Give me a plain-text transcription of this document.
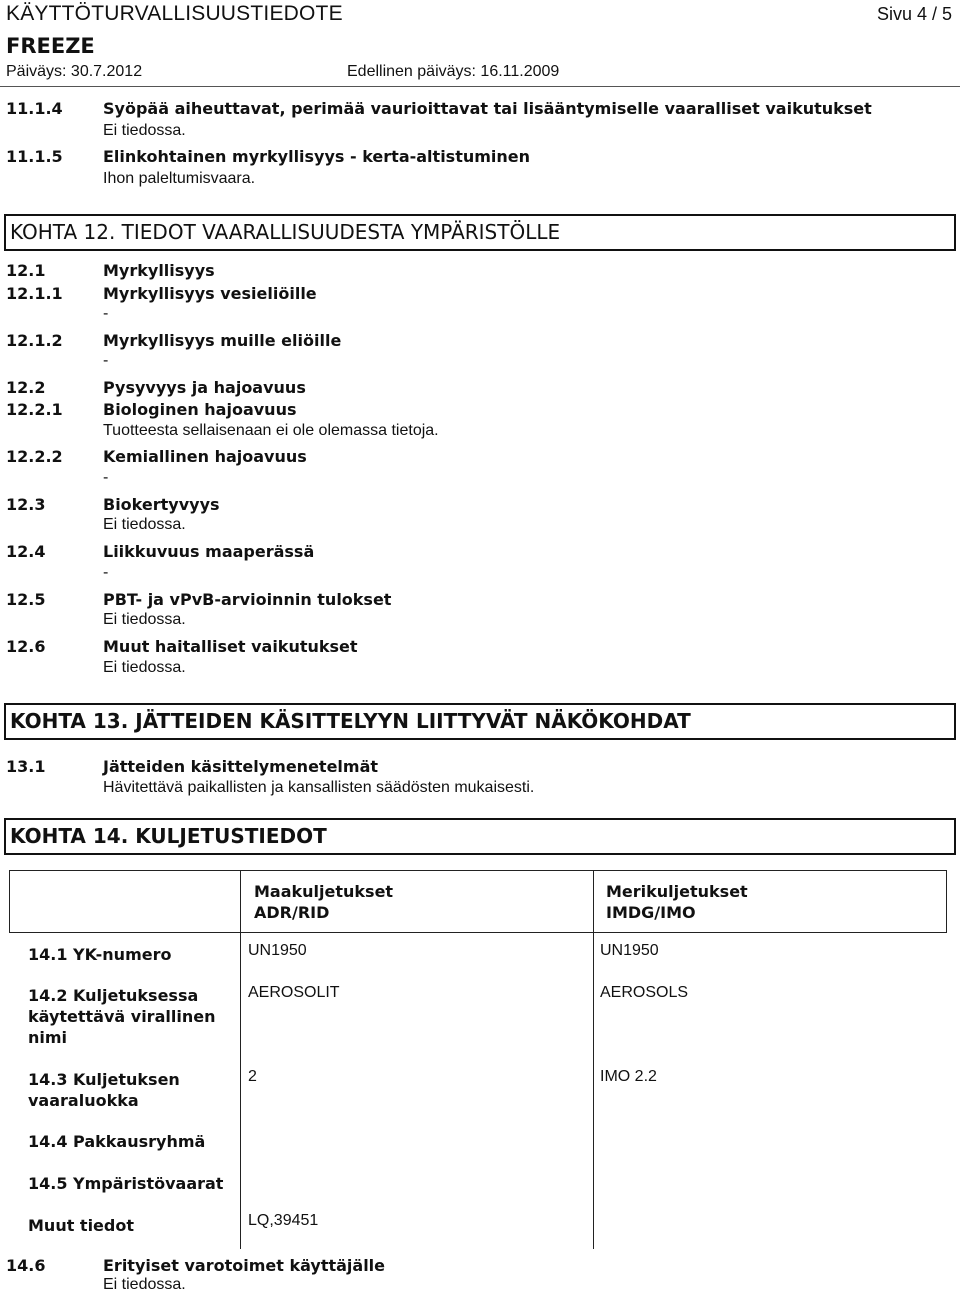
KÄYTTÖTURVALLISUUSTIEDOTE	Sivu 4 / 5
FREEZE
Päiväys: 30.7.2012	Edellinen päiväys: 16.11.2009
11.1.4	Syöpää aiheuttavat, perimää vaurioittavat tai lisääntymiselle vaaralliset vaikutukset
Ei tiedossa.
11.1.5	Elinkohtainen myrkyllisyys - kerta-altistuminen
Ihon paleltumisvaara.
KOHTA 12. TIEDOT VAARALLISUUDESTA YMPÄRISTÖLLE
12.1	Myrkyllisyys
12.1.1	Myrkyllisyys vesieliöille
-
12.1.2	Myrkyllisyys muille eliöille
-
12.2	Pysyvyys ja hajoavuus
12.2.1	Biologinen hajoavuus
Tuotteesta sellaisenaan ei ole olemassa tietoja.
12.2.2	Kemiallinen hajoavuus
-
12.3	Biokertyvyys
Ei tiedossa.
12.4	Liikkuvuus maaperässä
-
12.5	PBT- ja vPvB-arvioinnin tulokset
Ei tiedossa.
12.6	Muut haitalliset vaikutukset
Ei tiedossa.
KOHTA 13. JÄTTEIDEN KÄSITTELYYN LIITTYVÄT NÄKÖKOHDAT
13.1	Jätteiden käsittelymenetelmät
Hävitettävä paikallisten ja kansallisten säädösten mukaisesti.
KOHTA 14. KULJETUSTIEDOT
Maakuljetukset
ADR/RID
Merikuljetukset
IMDG/IMO
14.1 YK-numero	UN1950	UN1950
14.2 Kuljetuksessa käytettävä virallinen nimi
AEROSOLIT	AEROSOLS
14.3 Kuljetuksen vaaraluokka
2	IMO 2.2
14.4 Pakkausryhmä
14.5 Ympäristövaarat
Muut tiedot	LQ,39451
14.6	Erityiset varotoimet käyttäjälle
Ei tiedossa.
